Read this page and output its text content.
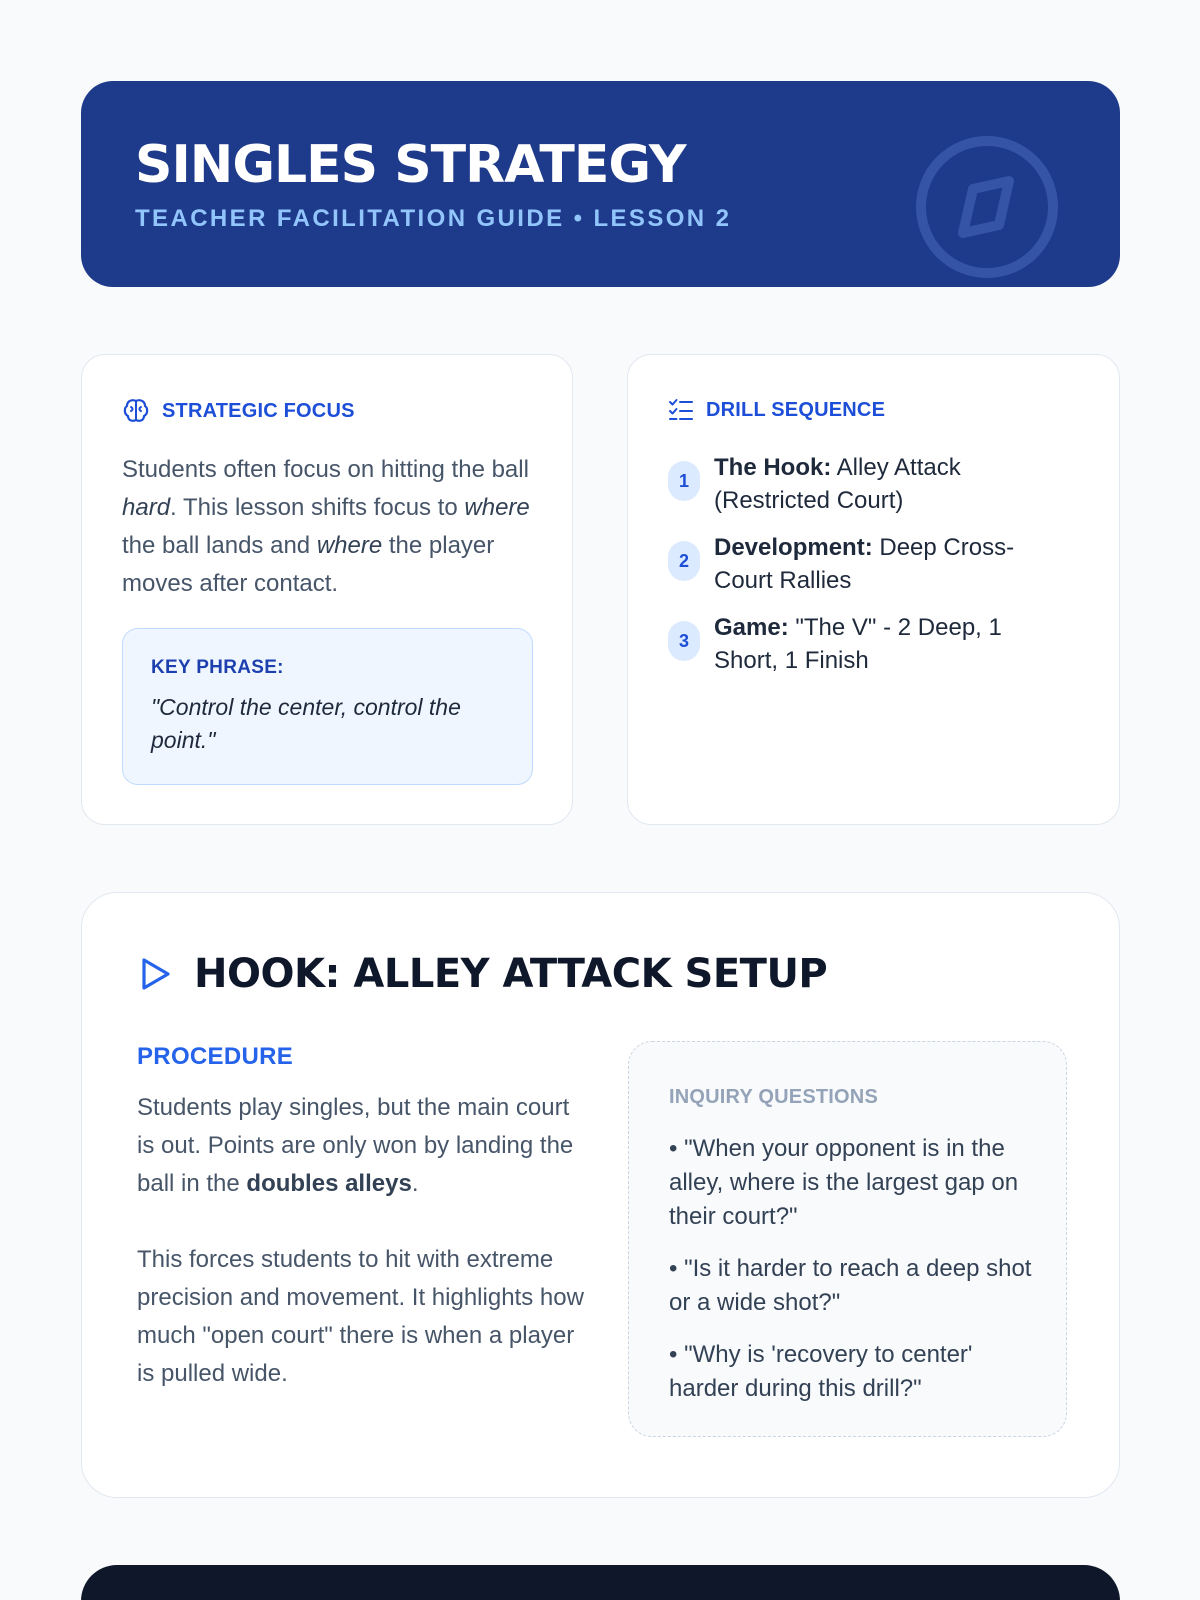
SINGLES STRATEGY
TEACHER FACILITATION GUIDE • LESSON 2
STRATEGIC FOCUS
Students often focus on hitting the ball hard. This lesson shifts focus to where the ball lands and where the player moves after contact.
KEY PHRASE:
"Control the center, control the point."
DRILL SEQUENCE
1	The Hook: Alley Attack (Restricted Court)
2	Development: Deep Cross-Court Rallies
3	Game: "The V" - 2 Deep, 1 Short, 1 Finish
HOOK: ALLEY ATTACK SETUP
PROCEDURE

Students play singles, but the main court is out. Points are only won by landing the ball in the doubles alleys.

This forces students to hit with extreme precision and movement. It highlights how much "open court" there is when a player is pulled wide.

INQUIRY QUESTIONS
• "When your opponent is in the alley, where is the largest gap on their court?"
• "Is it harder to reach a deep shot or a wide shot?"
• "Why is 'recovery to center' harder during this drill?"
